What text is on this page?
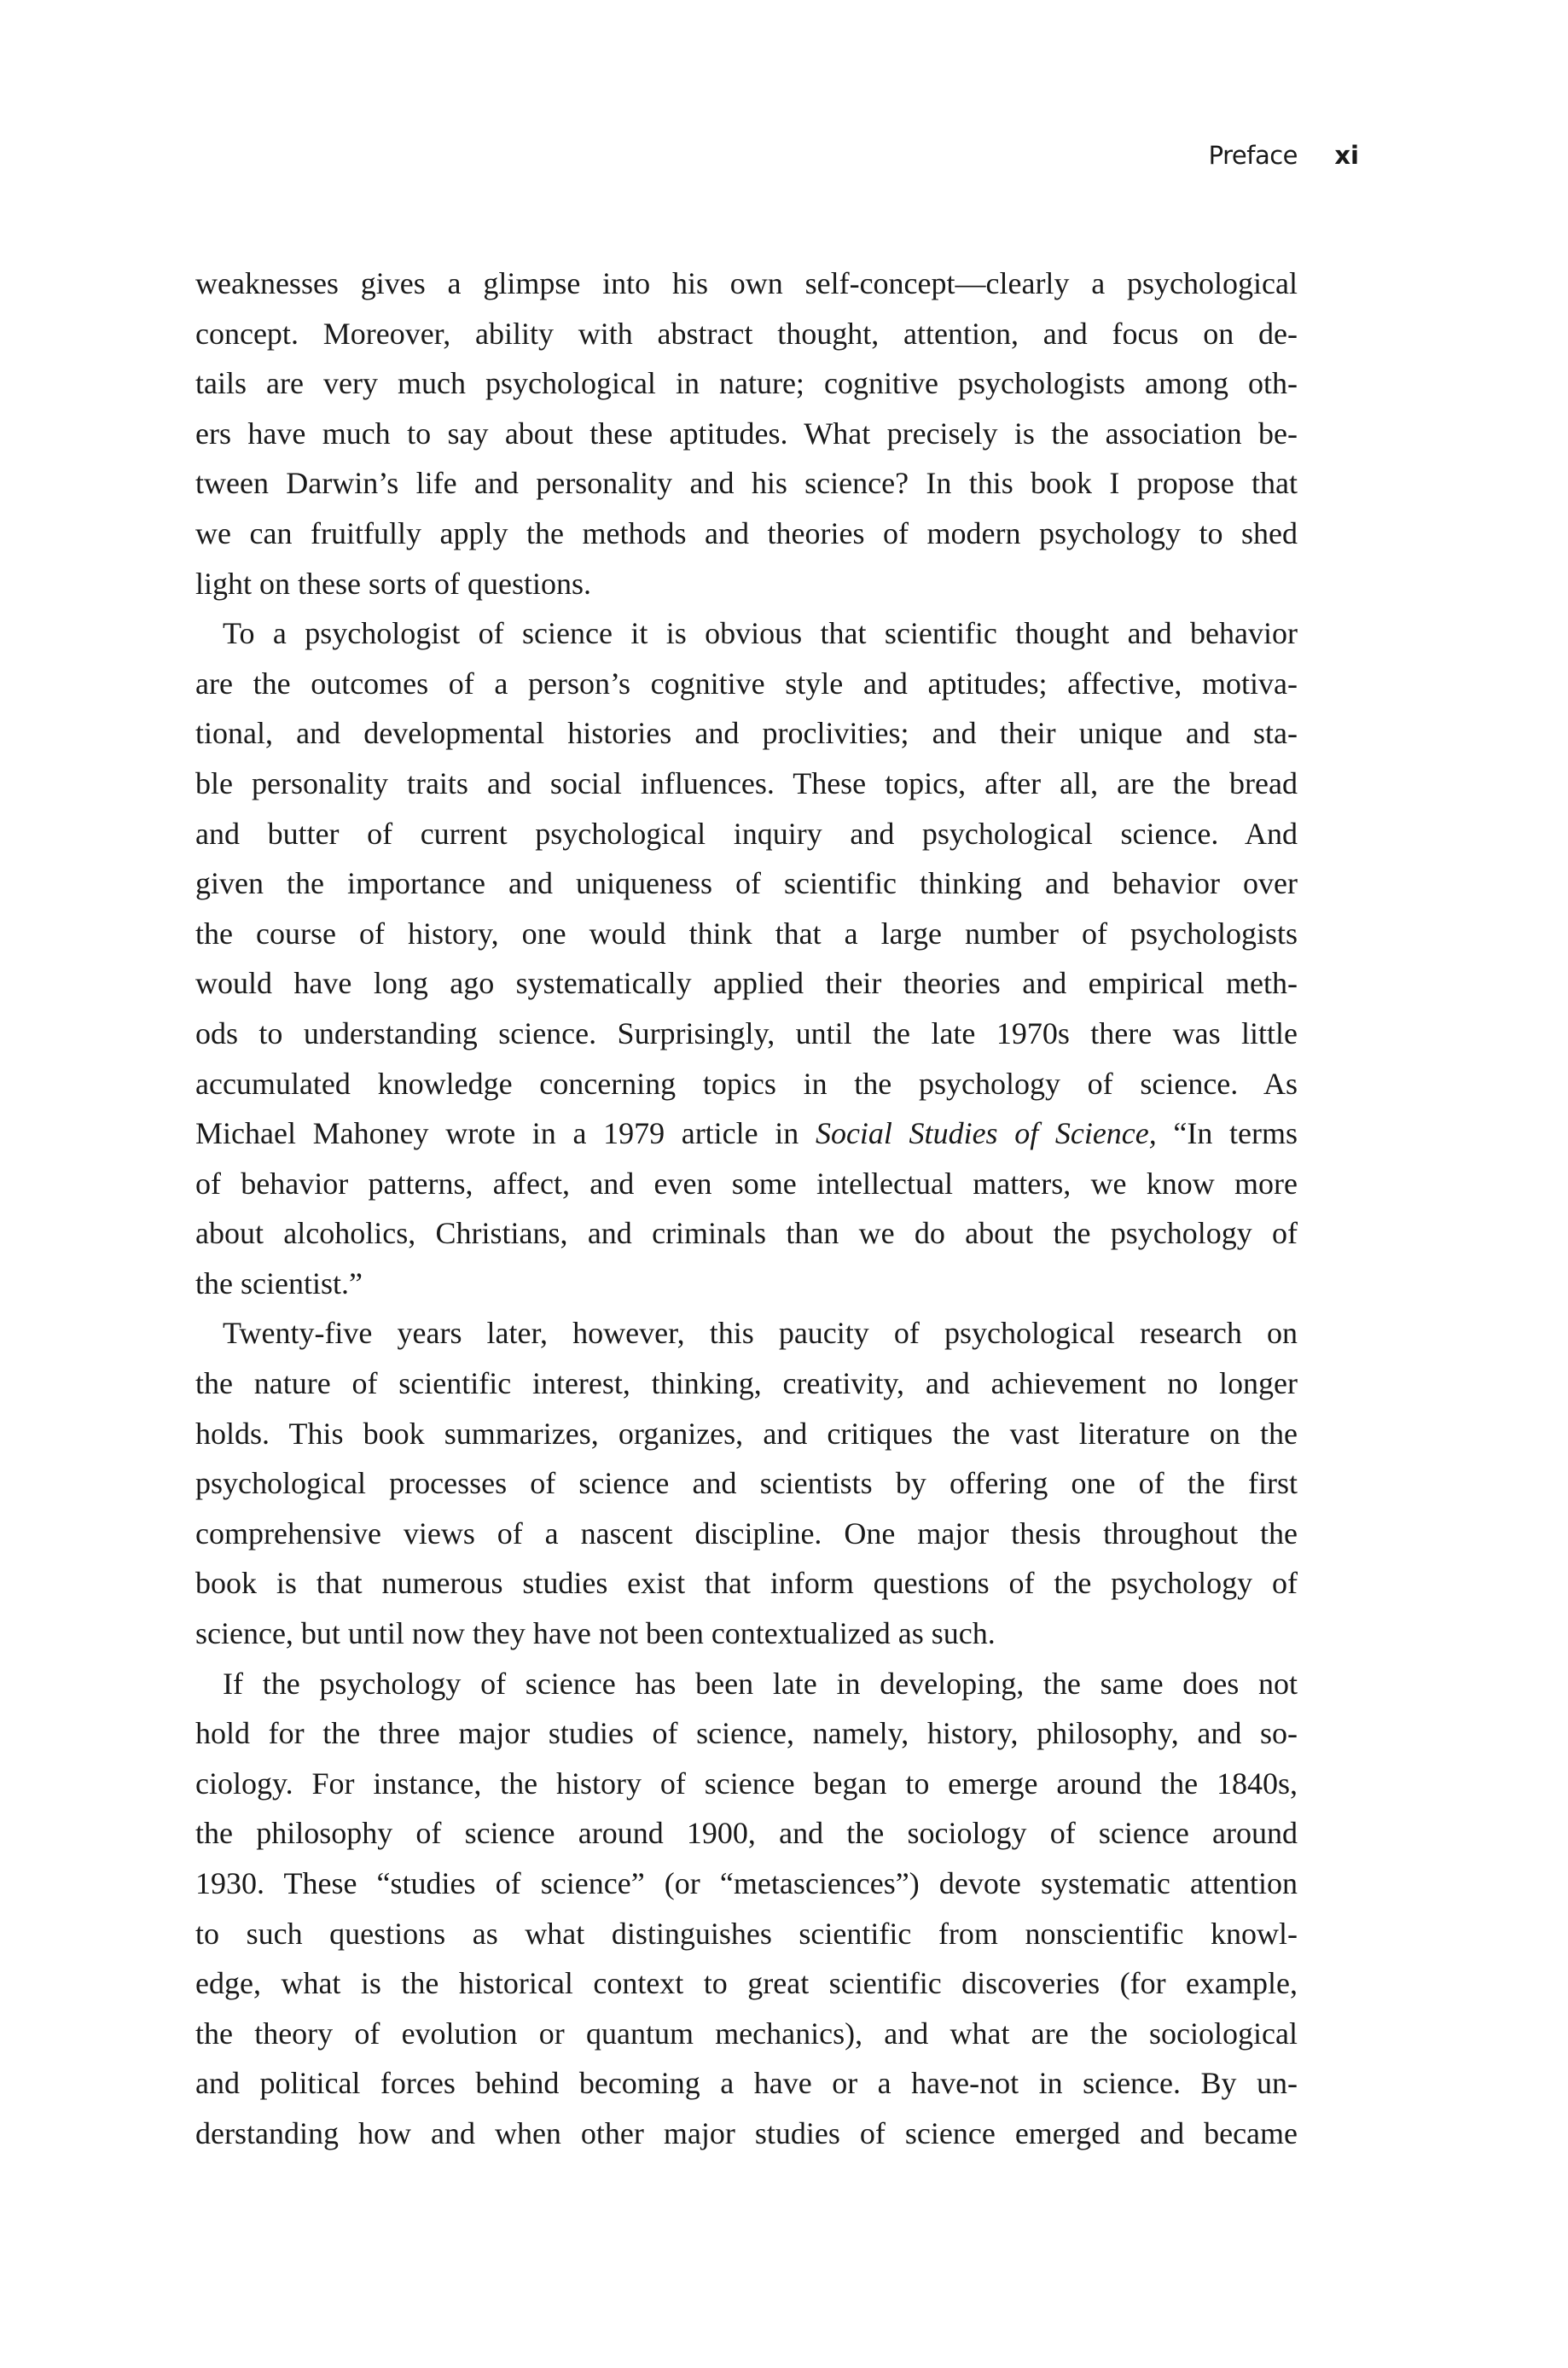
Preface xi
weaknesses gives a glimpse into his own self-concept—clearly a psychological
concept. Moreover, ability with abstract thought, attention, and focus on de-
tails are very much psychological in nature; cognitive psychologists among oth-
ers have much to say about these aptitudes. What precisely is the association be-
tween Darwin’s life and personality and his science? In this book I propose that
we can fruitfully apply the methods and theories of modern psychology to shed
light on these sorts of questions.
To a psychologist of science it is obvious that scientific thought and behavior
are the outcomes of a person’s cognitive style and aptitudes; affective, motiva-
tional, and developmental histories and proclivities; and their unique and sta-
ble personality traits and social influences. These topics, after all, are the bread
and butter of current psychological inquiry and psychological science. And
given the importance and uniqueness of scientific thinking and behavior over
the course of history, one would think that a large number of psychologists
would have long ago systematically applied their theories and empirical meth-
ods to understanding science. Surprisingly, until the late 1970s there was little
accumulated knowledge concerning topics in the psychology of science. As
Michael Mahoney wrote in a 1979 article in Social Studies of Science, “In terms
of behavior patterns, affect, and even some intellectual matters, we know more
about alcoholics, Christians, and criminals than we do about the psychology of
the scientist.”
Twenty-five years later, however, this paucity of psychological research on
the nature of scientific interest, thinking, creativity, and achievement no longer
holds. This book summarizes, organizes, and critiques the vast literature on the
psychological processes of science and scientists by offering one of the first
comprehensive views of a nascent discipline. One major thesis throughout the
book is that numerous studies exist that inform questions of the psychology of
science, but until now they have not been contextualized as such.
If the psychology of science has been late in developing, the same does not
hold for the three major studies of science, namely, history, philosophy, and so-
ciology. For instance, the history of science began to emerge around the 1840s,
the philosophy of science around 1900, and the sociology of science around
1930. These “studies of science” (or “metasciences”) devote systematic attention
to such questions as what distinguishes scientific from nonscientific knowl-
edge, what is the historical context to great scientific discoveries (for example,
the theory of evolution or quantum mechanics), and what are the sociological
and political forces behind becoming a have or a have-not in science. By un-
derstanding how and when other major studies of science emerged and became
